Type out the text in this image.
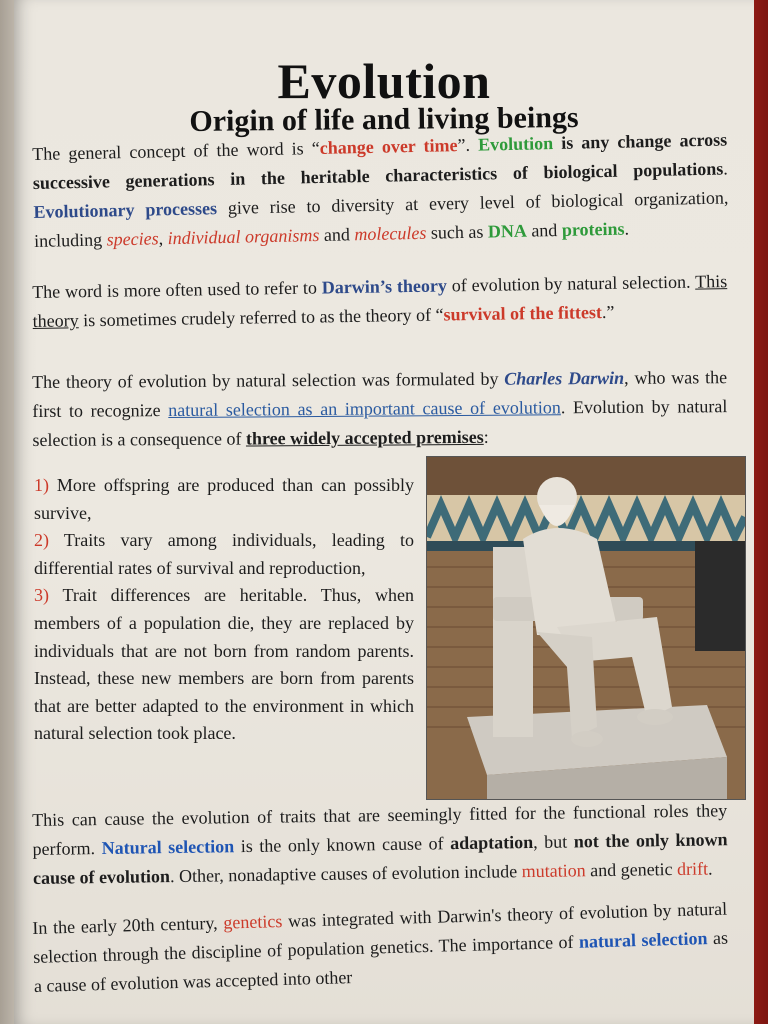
Evolution
Origin of life and living beings

The general concept of the word is “change over time”. Evolution is any change across successive generations in the heritable characteristics of biological populations. Evolutionary processes give rise to diversity at every level of biological organization, including species, individual organisms and molecules such as DNA and proteins.

The word is more often used to refer to Darwin’s theory of evolution by natural selection. This theory is sometimes crudely referred to as the theory of “survival of the fittest.”

The theory of evolution by natural selection was formulated by Charles Darwin, who was the first to recognize natural selection as an important cause of evolution. Evolution by natural selection is a consequence of three widely accepted premises:

1) More offspring are produced than can possibly survive,

2) Traits vary among individuals, leading to differential rates of survival and reproduction,

3) Trait differences are heritable. Thus, when members of a population die, they are replaced by individuals that are not born from random parents. Instead, these new members are born from parents that are better adapted to the environment in which natural selection took place.

This can cause the evolution of traits that are seemingly fitted for the functional roles they perform. Natural selection is the only known cause of adaptation, but not the only known cause of evolution. Other, nonadaptive causes of evolution include mutation and genetic drift.

In the early 20th century, genetics was integrated with Darwin's theory of evolution by natural selection through the discipline of population genetics. The importance of natural selection as a cause of evolution was accepted into other
